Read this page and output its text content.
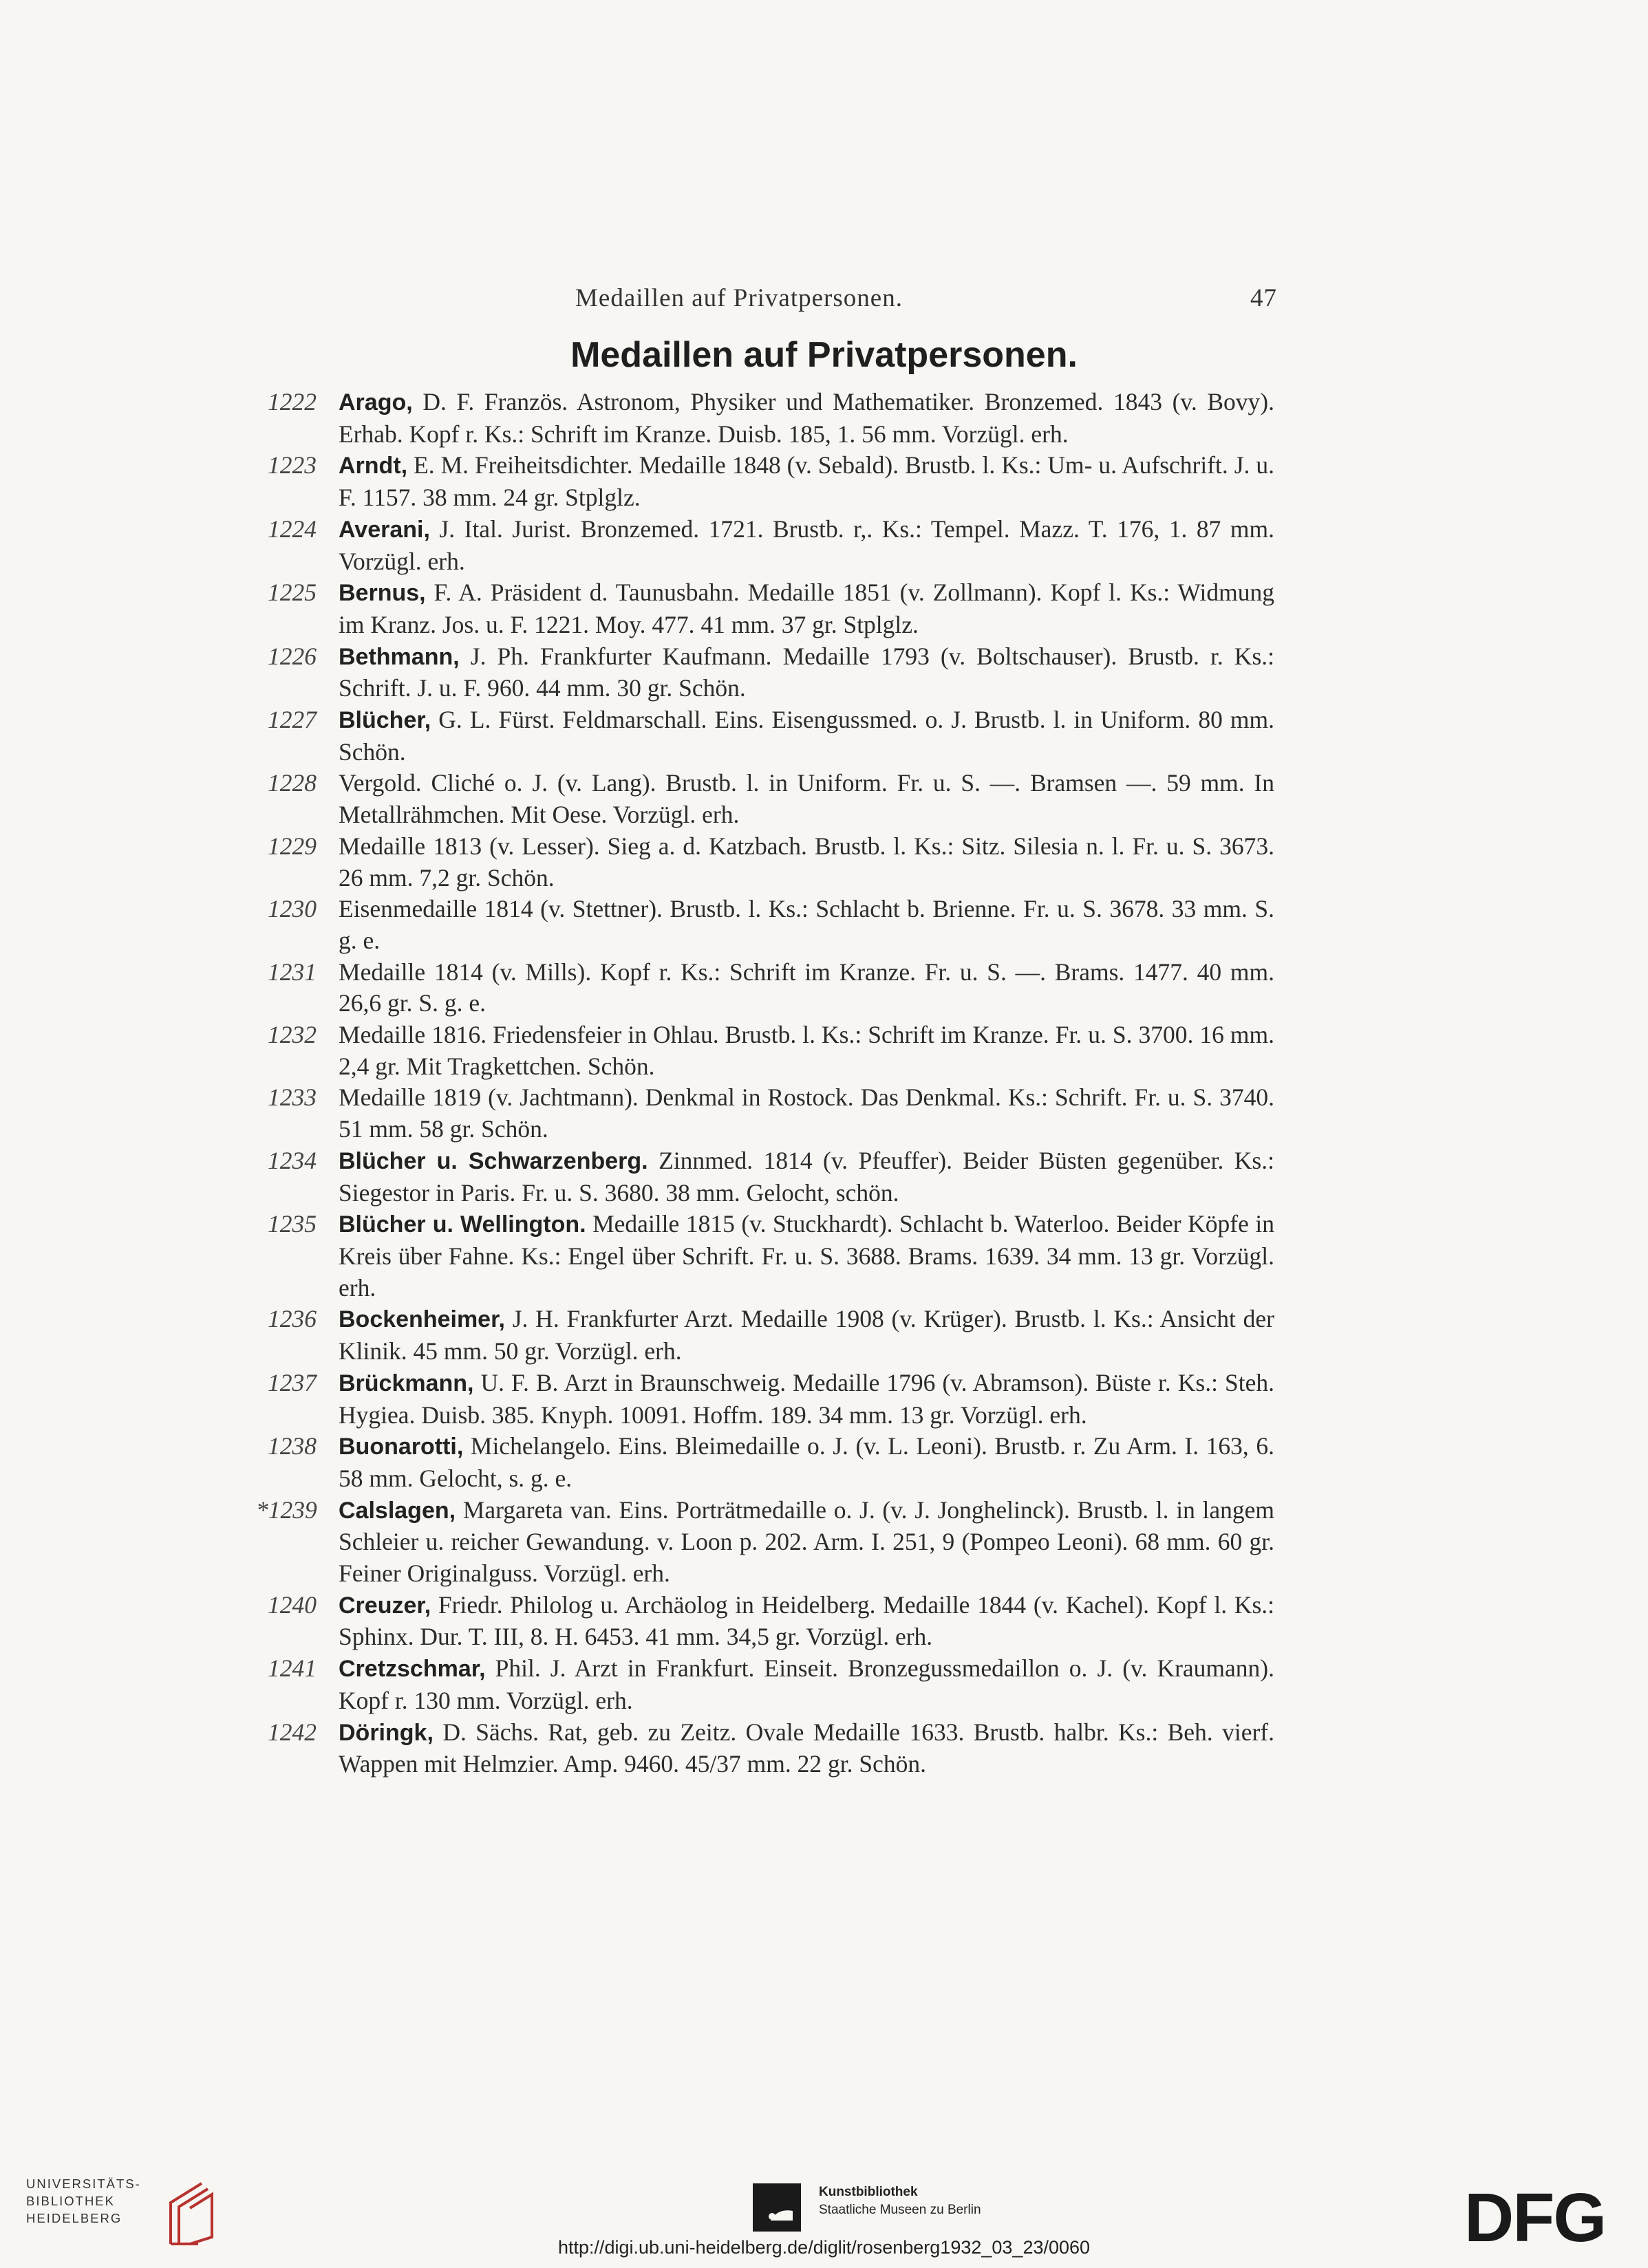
Medaillen auf Privatpersonen.	47
Medaillen auf Privatpersonen.
1222 Arago, D. F. Französ. Astronom, Physiker und Mathematiker. Bronzemed. 1843 (v. Bovy). Erhab. Kopf r. Ks.: Schrift im Kranze. Duisb. 185, 1. 56 mm. Vorzügl. erh.
1223 Arndt, E. M. Freiheitsdichter. Medaille 1848 (v. Sebald). Brustb. l. Ks.: Um- u. Aufschrift. J. u. F. 1157. 38 mm. 24 gr. Stplglz.
1224 Averani, J. Ital. Jurist. Bronzemed. 1721. Brustb. r,. Ks.: Tempel. Mazz. T. 176, 1. 87 mm. Vorzügl. erh.
1225 Bernus, F. A. Präsident d. Taunusbahn. Medaille 1851 (v. Zollmann). Kopf l. Ks.: Widmung im Kranz. Jos. u. F. 1221. Moy. 477. 41 mm. 37 gr. Stplglz.
1226 Bethmann, J. Ph. Frankfurter Kaufmann. Medaille 1793 (v. Boltschauser). Brustb. r. Ks.: Schrift. J. u. F. 960. 44 mm. 30 gr. Schön.
1227 Blücher, G. L. Fürst. Feldmarschall. Eins. Eisengussmed. o. J. Brustb. l. in Uniform. 80 mm. Schön.
1228 Vergold. Cliché o. J. (v. Lang). Brustb. l. in Uniform. Fr. u. S. —. Bramsen —. 59 mm. In Metallrähmchen. Mit Oese. Vorzügl. erh.
1229 Medaille 1813 (v. Lesser). Sieg a. d. Katzbach. Brustb. l. Ks.: Sitz. Silesia n. l. Fr. u. S. 3673. 26 mm. 7,2 gr. Schön.
1230 Eisenmedaille 1814 (v. Stettner). Brustb. l. Ks.: Schlacht b. Brienne. Fr. u. S. 3678. 33 mm. S. g. e.
1231 Medaille 1814 (v. Mills). Kopf r. Ks.: Schrift im Kranze. Fr. u. S. —. Brams. 1477. 40 mm. 26,6 gr. S. g. e.
1232 Medaille 1816. Friedensfeier in Ohlau. Brustb. l. Ks.: Schrift im Kranze. Fr. u. S. 3700. 16 mm. 2,4 gr. Mit Tragkettchen. Schön.
1233 Medaille 1819 (v. Jachtmann). Denkmal in Rostock. Das Denkmal. Ks.: Schrift. Fr. u. S. 3740. 51 mm. 58 gr. Schön.
1234 Blücher u. Schwarzenberg. Zinnmed. 1814 (v. Pfeuffer). Beider Büsten gegenüber. Ks.: Siegestor in Paris. Fr. u. S. 3680. 38 mm. Gelocht, schön.
1235 Blücher u. Wellington. Medaille 1815 (v. Stuckhardt). Schlacht b. Waterloo. Beider Köpfe in Kreis über Fahne. Ks.: Engel über Schrift. Fr. u. S. 3688. Brams. 1639. 34 mm. 13 gr. Vorzügl. erh.
1236 Bockenheimer, J. H. Frankfurter Arzt. Medaille 1908 (v. Krüger). Brustb. l. Ks.: Ansicht der Klinik. 45 mm. 50 gr. Vorzügl. erh.
1237 Brückmann, U. F. B. Arzt in Braunschweig. Medaille 1796 (v. Abramson). Büste r. Ks.: Steh. Hygiea. Duisb. 385. Knyph. 10091. Hoffm. 189. 34 mm. 13 gr. Vorzügl. erh.
1238 Buonarotti, Michelangelo. Eins. Bleimedaille o. J. (v. L. Leoni). Brustb. r. Zu Arm. I. 163, 6. 58 mm. Gelocht, s. g. e.
*1239 Calslagen, Margareta van. Eins. Porträtmedaille o. J. (v. J. Jonghelinck). Brustb. l. in langem Schleier u. reicher Gewandung. v. Loon p. 202. Arm. I. 251, 9 (Pompeo Leoni). 68 mm. 60 gr. Feiner Originalguss. Vorzügl. erh.
1240 Creuzer, Friedr. Philolog u. Archäolog in Heidelberg. Medaille 1844 (v. Kachel). Kopf l. Ks.: Sphinx. Dur. T. III, 8. H. 6453. 41 mm. 34,5 gr. Vorzügl. erh.
1241 Cretzschmar, Phil. J. Arzt in Frankfurt. Einseit. Bronzegussmedaillon o. J. (v. Kraumann). Kopf r. 130 mm. Vorzügl. erh.
1242 Döringk, D. Sächs. Rat, geb. zu Zeitz. Ovale Medaille 1633. Brustb. halbr. Ks.: Beh. vierf. Wappen mit Helmzier. Amp. 9460. 45/37 mm. 22 gr. Schön.
UNIVERSITÄTS-
BIBLIOTHEK
HEIDELBERG
Kunstbibliothek
Staatliche Museen zu Berlin	DFG
http://digi.ub.uni-heidelberg.de/diglit/rosenberg1932_03_23/0060
